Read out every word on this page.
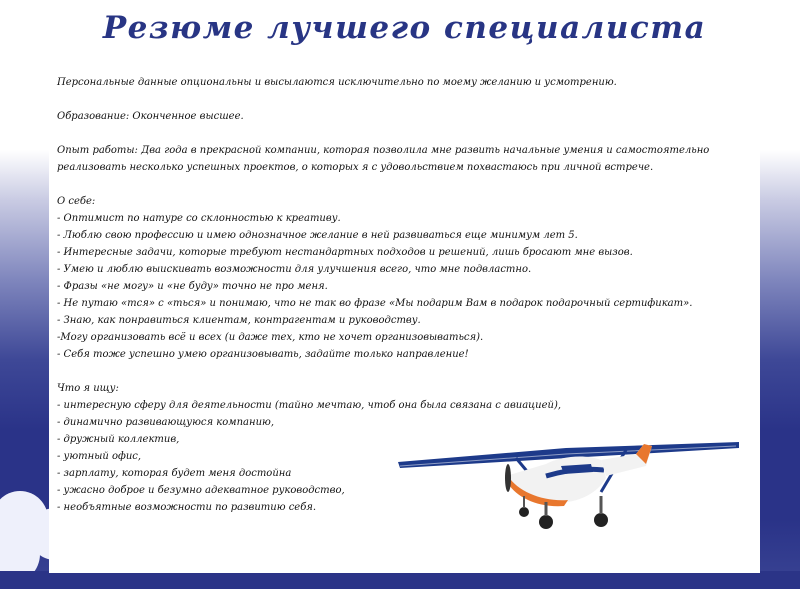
Резюме лучшего специалиста
Персональные данные опциональны и высылаются исключительно по моему желанию и усмотрению.
Образование: Оконченное высшее.
Опыт работы: Два года в прекрасной компании, которая позволила мне развить начальные умения и самостоятельно
реализовать несколько успешных проектов, о которых я с удовольствием похвастаюсь при личной встрече.
О себе:
- Оптимист по натуре со склонностью к креативу.
- Люблю свою профессию и имею однозначное желание в ней развиваться еще минимум лет 5.
- Интересные задачи, которые требуют нестандартных подходов и решений, лишь бросают мне вызов.
- Умею и люблю выискивать возможности для улучшения всего, что мне подвластно.
- Фразы «не могу» и «не буду» точно не про меня.
- Не путаю «тся» с «ться» и понимаю, что не так во фразе «Мы подарим Вам в подарок подарочный сертификат».
- Знаю, как понравиться клиентам, контрагентам и руководству.
-Могу организовать всё и всех (и даже тех, кто не хочет организовываться).
- Себя тоже успешно умею организовывать, задайте только направление!
Что я ищу:
- интересную сферу для деятельности (тайно мечтаю, чтоб она была связана с авиацией),
- динамично развивающуюся компанию,
- дружный коллектив,
- уютный офис,
- зарплату, которая будет меня достойна
- ужасно доброе и безумно адекватное руководство,
- необъятные возможности по развитию себя.
